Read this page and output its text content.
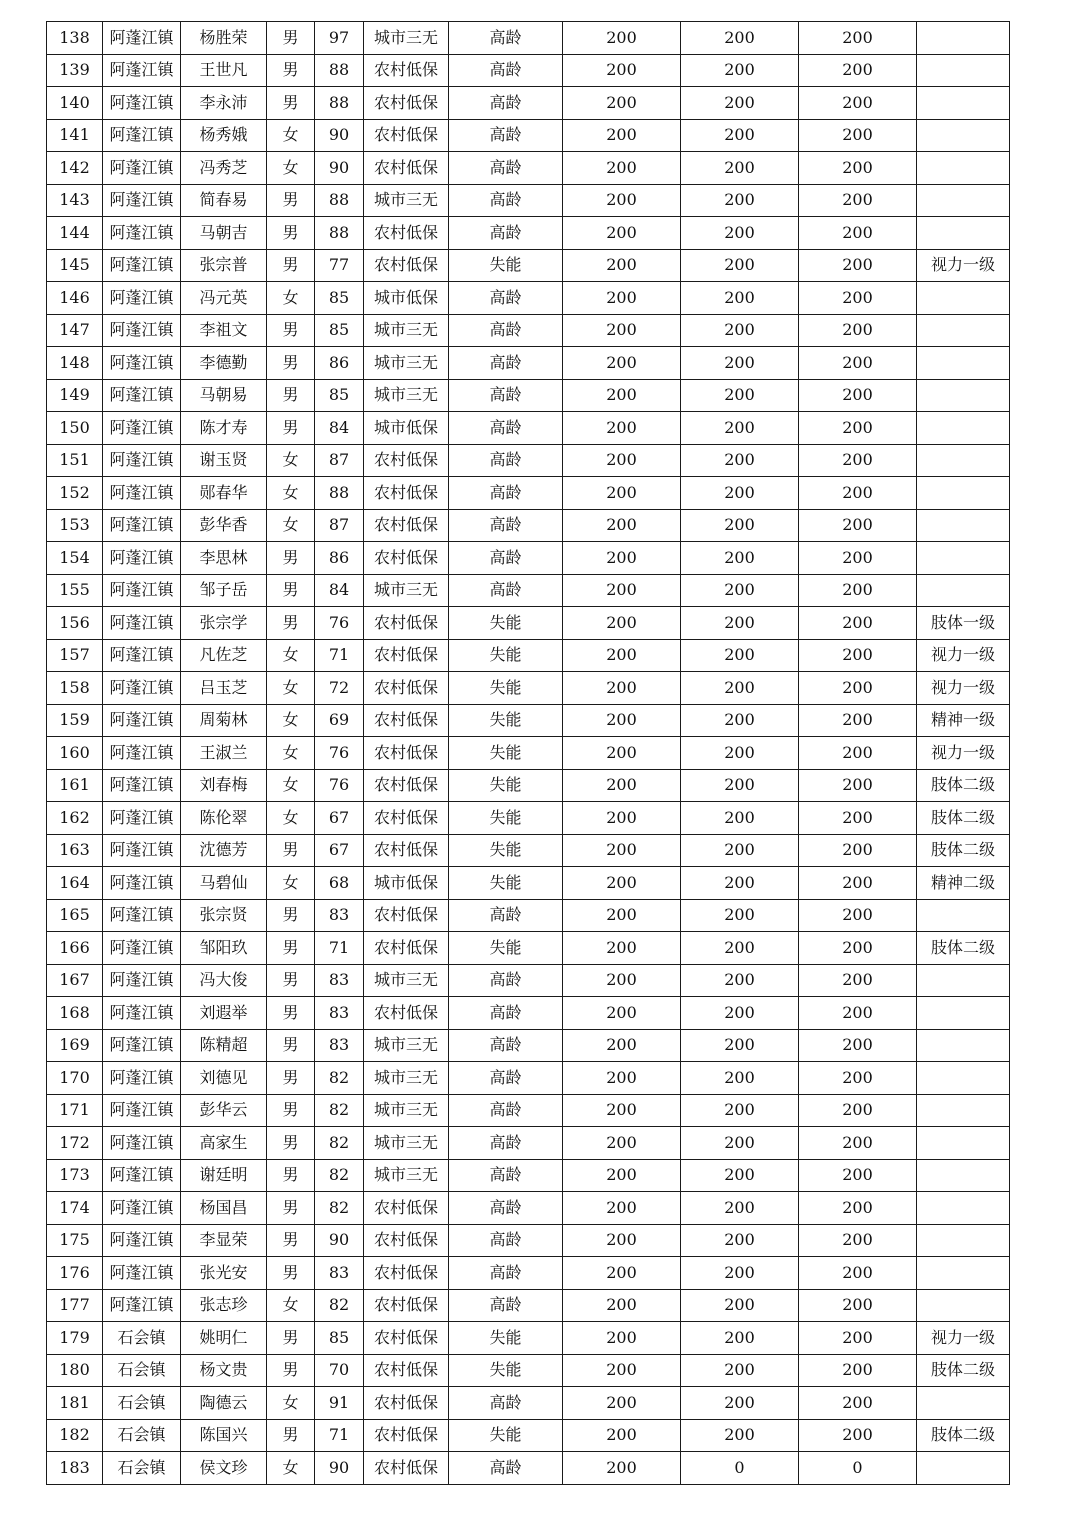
138	阿蓬江镇	杨胜荣	男	97	城市三无	高龄	200	200	200	
139	阿蓬江镇	王世凡	男	88	农村低保	高龄	200	200	200	
140	阿蓬江镇	李永沛	男	88	农村低保	高龄	200	200	200	
141	阿蓬江镇	杨秀娥	女	90	农村低保	高龄	200	200	200	
142	阿蓬江镇	冯秀芝	女	90	农村低保	高龄	200	200	200	
143	阿蓬江镇	简春易	男	88	城市三无	高龄	200	200	200	
144	阿蓬江镇	马朝吉	男	88	农村低保	高龄	200	200	200	
145	阿蓬江镇	张宗普	男	77	农村低保	失能	200	200	200	视力一级
146	阿蓬江镇	冯元英	女	85	城市低保	高龄	200	200	200	
147	阿蓬江镇	李祖文	男	85	城市三无	高龄	200	200	200	
148	阿蓬江镇	李德勤	男	86	城市三无	高龄	200	200	200	
149	阿蓬江镇	马朝易	男	85	城市三无	高龄	200	200	200	
150	阿蓬江镇	陈才寿	男	84	城市低保	高龄	200	200	200	
151	阿蓬江镇	谢玉贤	女	87	农村低保	高龄	200	200	200	
152	阿蓬江镇	郧春华	女	88	农村低保	高龄	200	200	200	
153	阿蓬江镇	彭华香	女	87	农村低保	高龄	200	200	200	
154	阿蓬江镇	李思林	男	86	农村低保	高龄	200	200	200	
155	阿蓬江镇	邹子岳	男	84	城市三无	高龄	200	200	200	
156	阿蓬江镇	张宗学	男	76	农村低保	失能	200	200	200	肢体一级
157	阿蓬江镇	凡佐芝	女	71	农村低保	失能	200	200	200	视力一级
158	阿蓬江镇	吕玉芝	女	72	农村低保	失能	200	200	200	视力一级
159	阿蓬江镇	周菊林	女	69	农村低保	失能	200	200	200	精神一级
160	阿蓬江镇	王淑兰	女	76	农村低保	失能	200	200	200	视力一级
161	阿蓬江镇	刘春梅	女	76	农村低保	失能	200	200	200	肢体二级
162	阿蓬江镇	陈伦翠	女	67	农村低保	失能	200	200	200	肢体二级
163	阿蓬江镇	沈德芳	男	67	农村低保	失能	200	200	200	肢体二级
164	阿蓬江镇	马碧仙	女	68	城市低保	失能	200	200	200	精神二级
165	阿蓬江镇	张宗贤	男	83	农村低保	高龄	200	200	200	
166	阿蓬江镇	邹阳玖	男	71	农村低保	失能	200	200	200	肢体二级
167	阿蓬江镇	冯大俊	男	83	城市三无	高龄	200	200	200	
168	阿蓬江镇	刘遐举	男	83	农村低保	高龄	200	200	200	
169	阿蓬江镇	陈精超	男	83	城市三无	高龄	200	200	200	
170	阿蓬江镇	刘德见	男	82	城市三无	高龄	200	200	200	
171	阿蓬江镇	彭华云	男	82	城市三无	高龄	200	200	200	
172	阿蓬江镇	高家生	男	82	城市三无	高龄	200	200	200	
173	阿蓬江镇	谢廷明	男	82	城市三无	高龄	200	200	200	
174	阿蓬江镇	杨国昌	男	82	农村低保	高龄	200	200	200	
175	阿蓬江镇	李显荣	男	90	农村低保	高龄	200	200	200	
176	阿蓬江镇	张光安	男	83	农村低保	高龄	200	200	200	
177	阿蓬江镇	张志珍	女	82	农村低保	高龄	200	200	200	
179	石会镇	姚明仁	男	85	农村低保	失能	200	200	200	视力一级
180	石会镇	杨文贵	男	70	农村低保	失能	200	200	200	肢体二级
181	石会镇	陶德云	女	91	农村低保	高龄	200	200	200	
182	石会镇	陈国兴	男	71	农村低保	失能	200	200	200	肢体二级
183	石会镇	侯文珍	女	90	农村低保	高龄	200	0	0	
